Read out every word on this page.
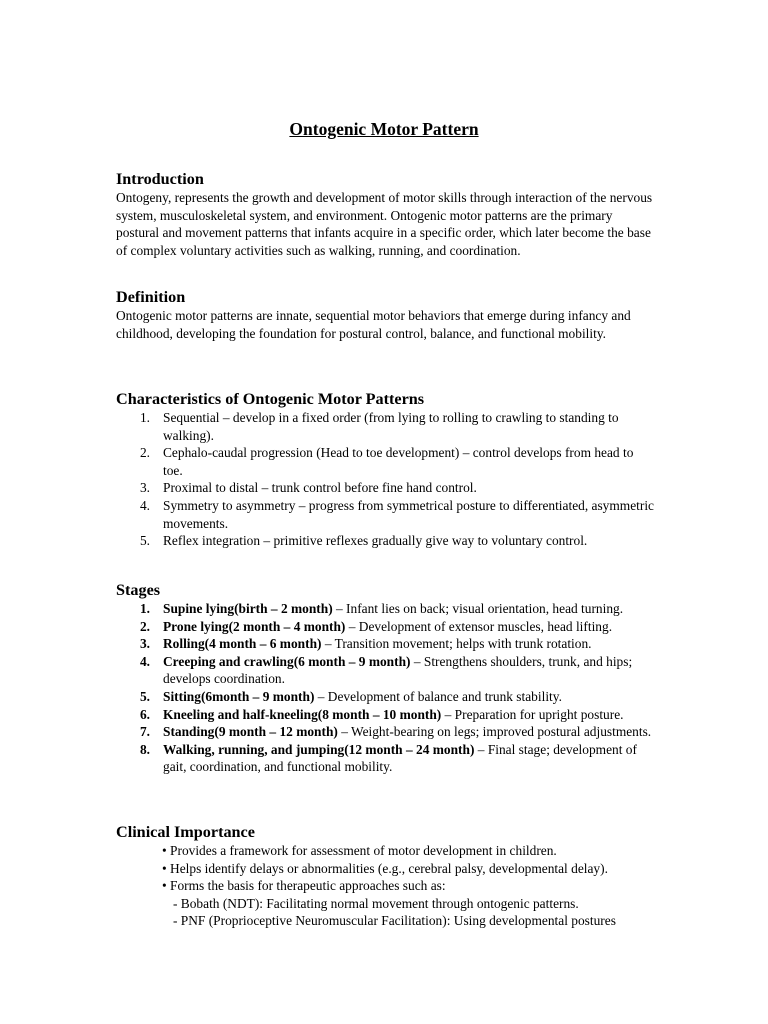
Ontogenic Motor Pattern
Introduction

Ontogeny, represents the growth and development of motor skills through interaction of the nervous system, musculoskeletal system, and environment. Ontogenic motor patterns are the primary postural and movement patterns that infants acquire in a specific order, which later become the base of complex voluntary activities such as walking, running, and coordination.

Definition

Ontogenic motor patterns are innate, sequential motor behaviors that emerge during infancy and childhood, developing the foundation for postural control, balance, and functional mobility.

Characteristics of Ontogenic Motor Patterns
1. Sequential – develop in a fixed order (from lying to rolling to crawling to standing to walking).
2. Cephalo-caudal progression (Head to toe development) – control develops from head to toe.
3. Proximal to distal – trunk control before fine hand control.
4. Symmetry to asymmetry – progress from symmetrical posture to differentiated, asymmetric movements.
5. Reflex integration – primitive reflexes gradually give way to voluntary control.
Stages
1. Supine lying(birth – 2 month) – Infant lies on back; visual orientation, head turning.
2. Prone lying(2 month – 4 month) – Development of extensor muscles, head lifting.
3. Rolling(4 month – 6 month) – Transition movement; helps with trunk rotation.
4. Creeping and crawling(6 month – 9 month) – Strengthens shoulders, trunk, and hips; develops coordination.
5. Sitting(6month – 9 month) – Development of balance and trunk stability.
6. Kneeling and half-kneeling(8 month – 10 month) – Preparation for upright posture.
7. Standing(9 month – 12 month) – Weight-bearing on legs; improved postural adjustments.
8. Walking, running, and jumping(12 month – 24 month) – Final stage; development of gait, coordination, and functional mobility.
Clinical Importance
• Provides a framework for assessment of motor development in children.
• Helps identify delays or abnormalities (e.g., cerebral palsy, developmental delay).
• Forms the basis for therapeutic approaches such as:
- Bobath (NDT): Facilitating normal movement through ontogenic patterns.
- PNF (Proprioceptive Neuromuscular Facilitation): Using developmental postures
